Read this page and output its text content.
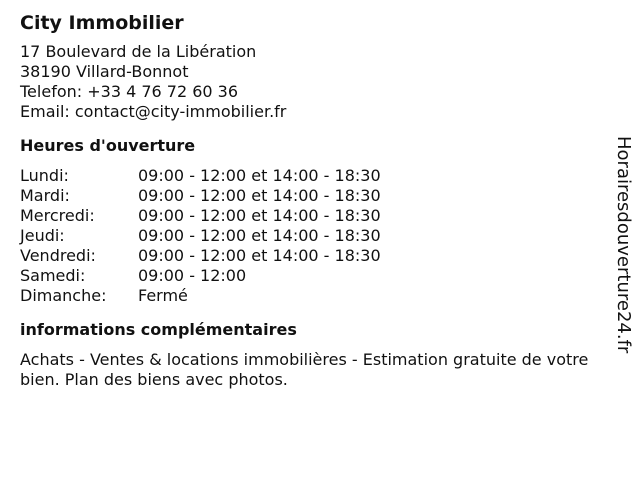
City Immobilier
17 Boulevard de la Libération
38190 Villard-Bonnot
Telefon: +33 4 76 72 60 36
Email: contact@city-immobilier.fr
Heures d'ouverture
Lundi:	09:00 - 12:00 et 14:00 - 18:30
Mardi:	09:00 - 12:00 et 14:00 - 18:30
Mercredi:	09:00 - 12:00 et 14:00 - 18:30
Jeudi:	09:00 - 12:00 et 14:00 - 18:30
Vendredi:	09:00 - 12:00 et 14:00 - 18:30
Samedi:	09:00 - 12:00
Dimanche:	Fermé
informations complémentaires
Achats - Ventes & locations immobilières - Estimation gratuite de votre bien. Plan des biens avec photos.
Horairesdouverture24.fr
